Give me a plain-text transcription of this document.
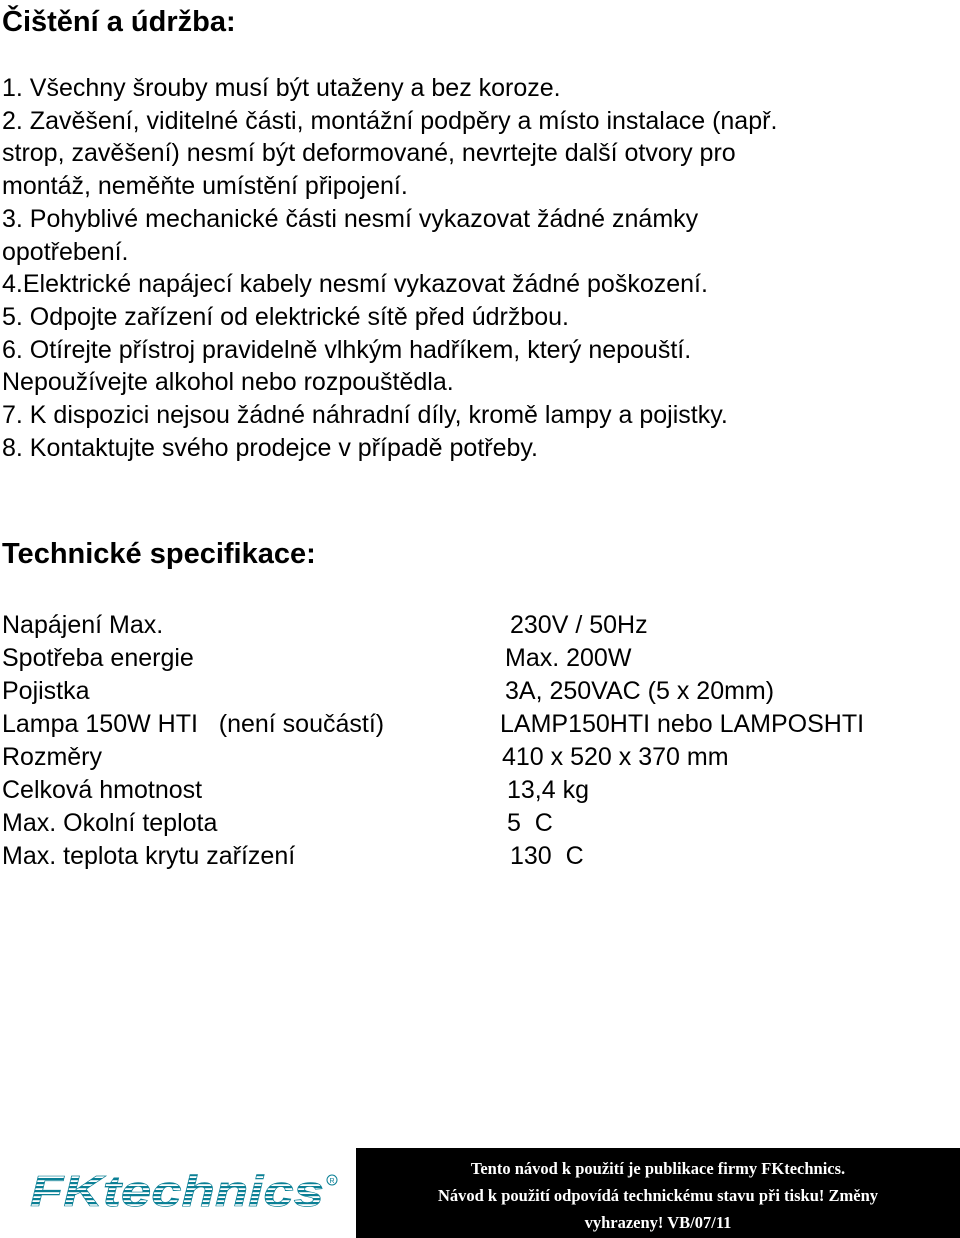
Čištění a údržba:
1. Všechny šrouby musí být utaženy a bez koroze.
2. Zavěšení, viditelné části, montážní podpěry a místo instalace (např.
strop, zavěšení) nesmí být deformované, nevrtejte další otvory pro
montáž, neměňte umístění připojení.
3. Pohyblivé mechanické části nesmí vykazovat žádné známky
opotřebení.
4.Elektrické napájecí kabely nesmí vykazovat žádné poškození.
5. Odpojte zařízení od elektrické sítě před údržbou.
6. Otírejte přístroj pravidelně vlhkým hadříkem, který nepouští.
Nepoužívejte alkohol nebo rozpouštědla.
7. K dispozici nejsou žádné náhradní díly, kromě lampy a pojistky.
8. Kontaktujte svého prodejce v případě potřeby.
Technické specifikace:
Napájení Max.	230V / 50Hz
Spotřeba energie	Max. 200W
Pojistka	3A, 250VAC (5 x 20mm)
Lampa 150W HTI   (není součástí)	LAMP150HTI nebo LAMPOSHTI
Rozměry	410 x 520 x 370 mm
Celková hmotnost	13,4 kg
Max. Okolní teplota	5  C
Max. teplota krytu zařízení	130  C
FKtechnics R

Tento návod k použití je publikace firmy FKtechnics.

Návod k použití odpovídá technickému stavu při tisku! Změny

vyhrazeny! VB/07/11
